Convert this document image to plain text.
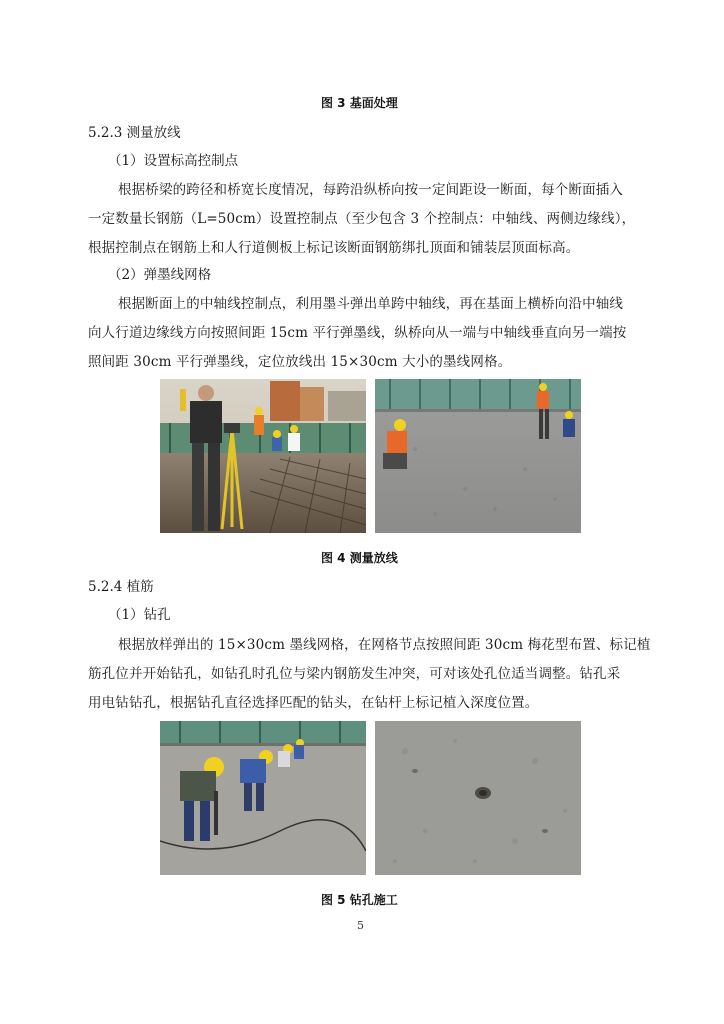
图 3 基面处理
5.2.3 测量放线
（1）设置标高控制点
根据桥梁的跨径和桥宽长度情况，每跨沿纵桥向按一定间距设一断面，每个断面插入
一定数量长钢筋（L=50cm）设置控制点（至少包含 3 个控制点：中轴线、两侧边缘线），
根据控制点在钢筋上和人行道侧板上标记该断面钢筋绑扎顶面和铺装层顶面标高。
（2）弹墨线网格
根据断面上的中轴线控制点，利用墨斗弹出单跨中轴线，再在基面上横桥向沿中轴线
向人行道边缘线方向按照间距 15cm 平行弹墨线，纵桥向从一端与中轴线垂直向另一端按
照间距 30cm 平行弹墨线，定位放线出 15×30cm 大小的墨线网格。
图 4 测量放线
5.2.4 植筋
（1）钻孔
根据放样弹出的 15×30cm 墨线网格，在网格节点按照间距 30cm 梅花型布置、标记植
筋孔位并开始钻孔，如钻孔时孔位与梁内钢筋发生冲突，可对该处孔位适当调整。钻孔采
用电钻钻孔，根据钻孔直径选择匹配的钻头，在钻杆上标记植入深度位置。
图 5 钻孔施工
5
